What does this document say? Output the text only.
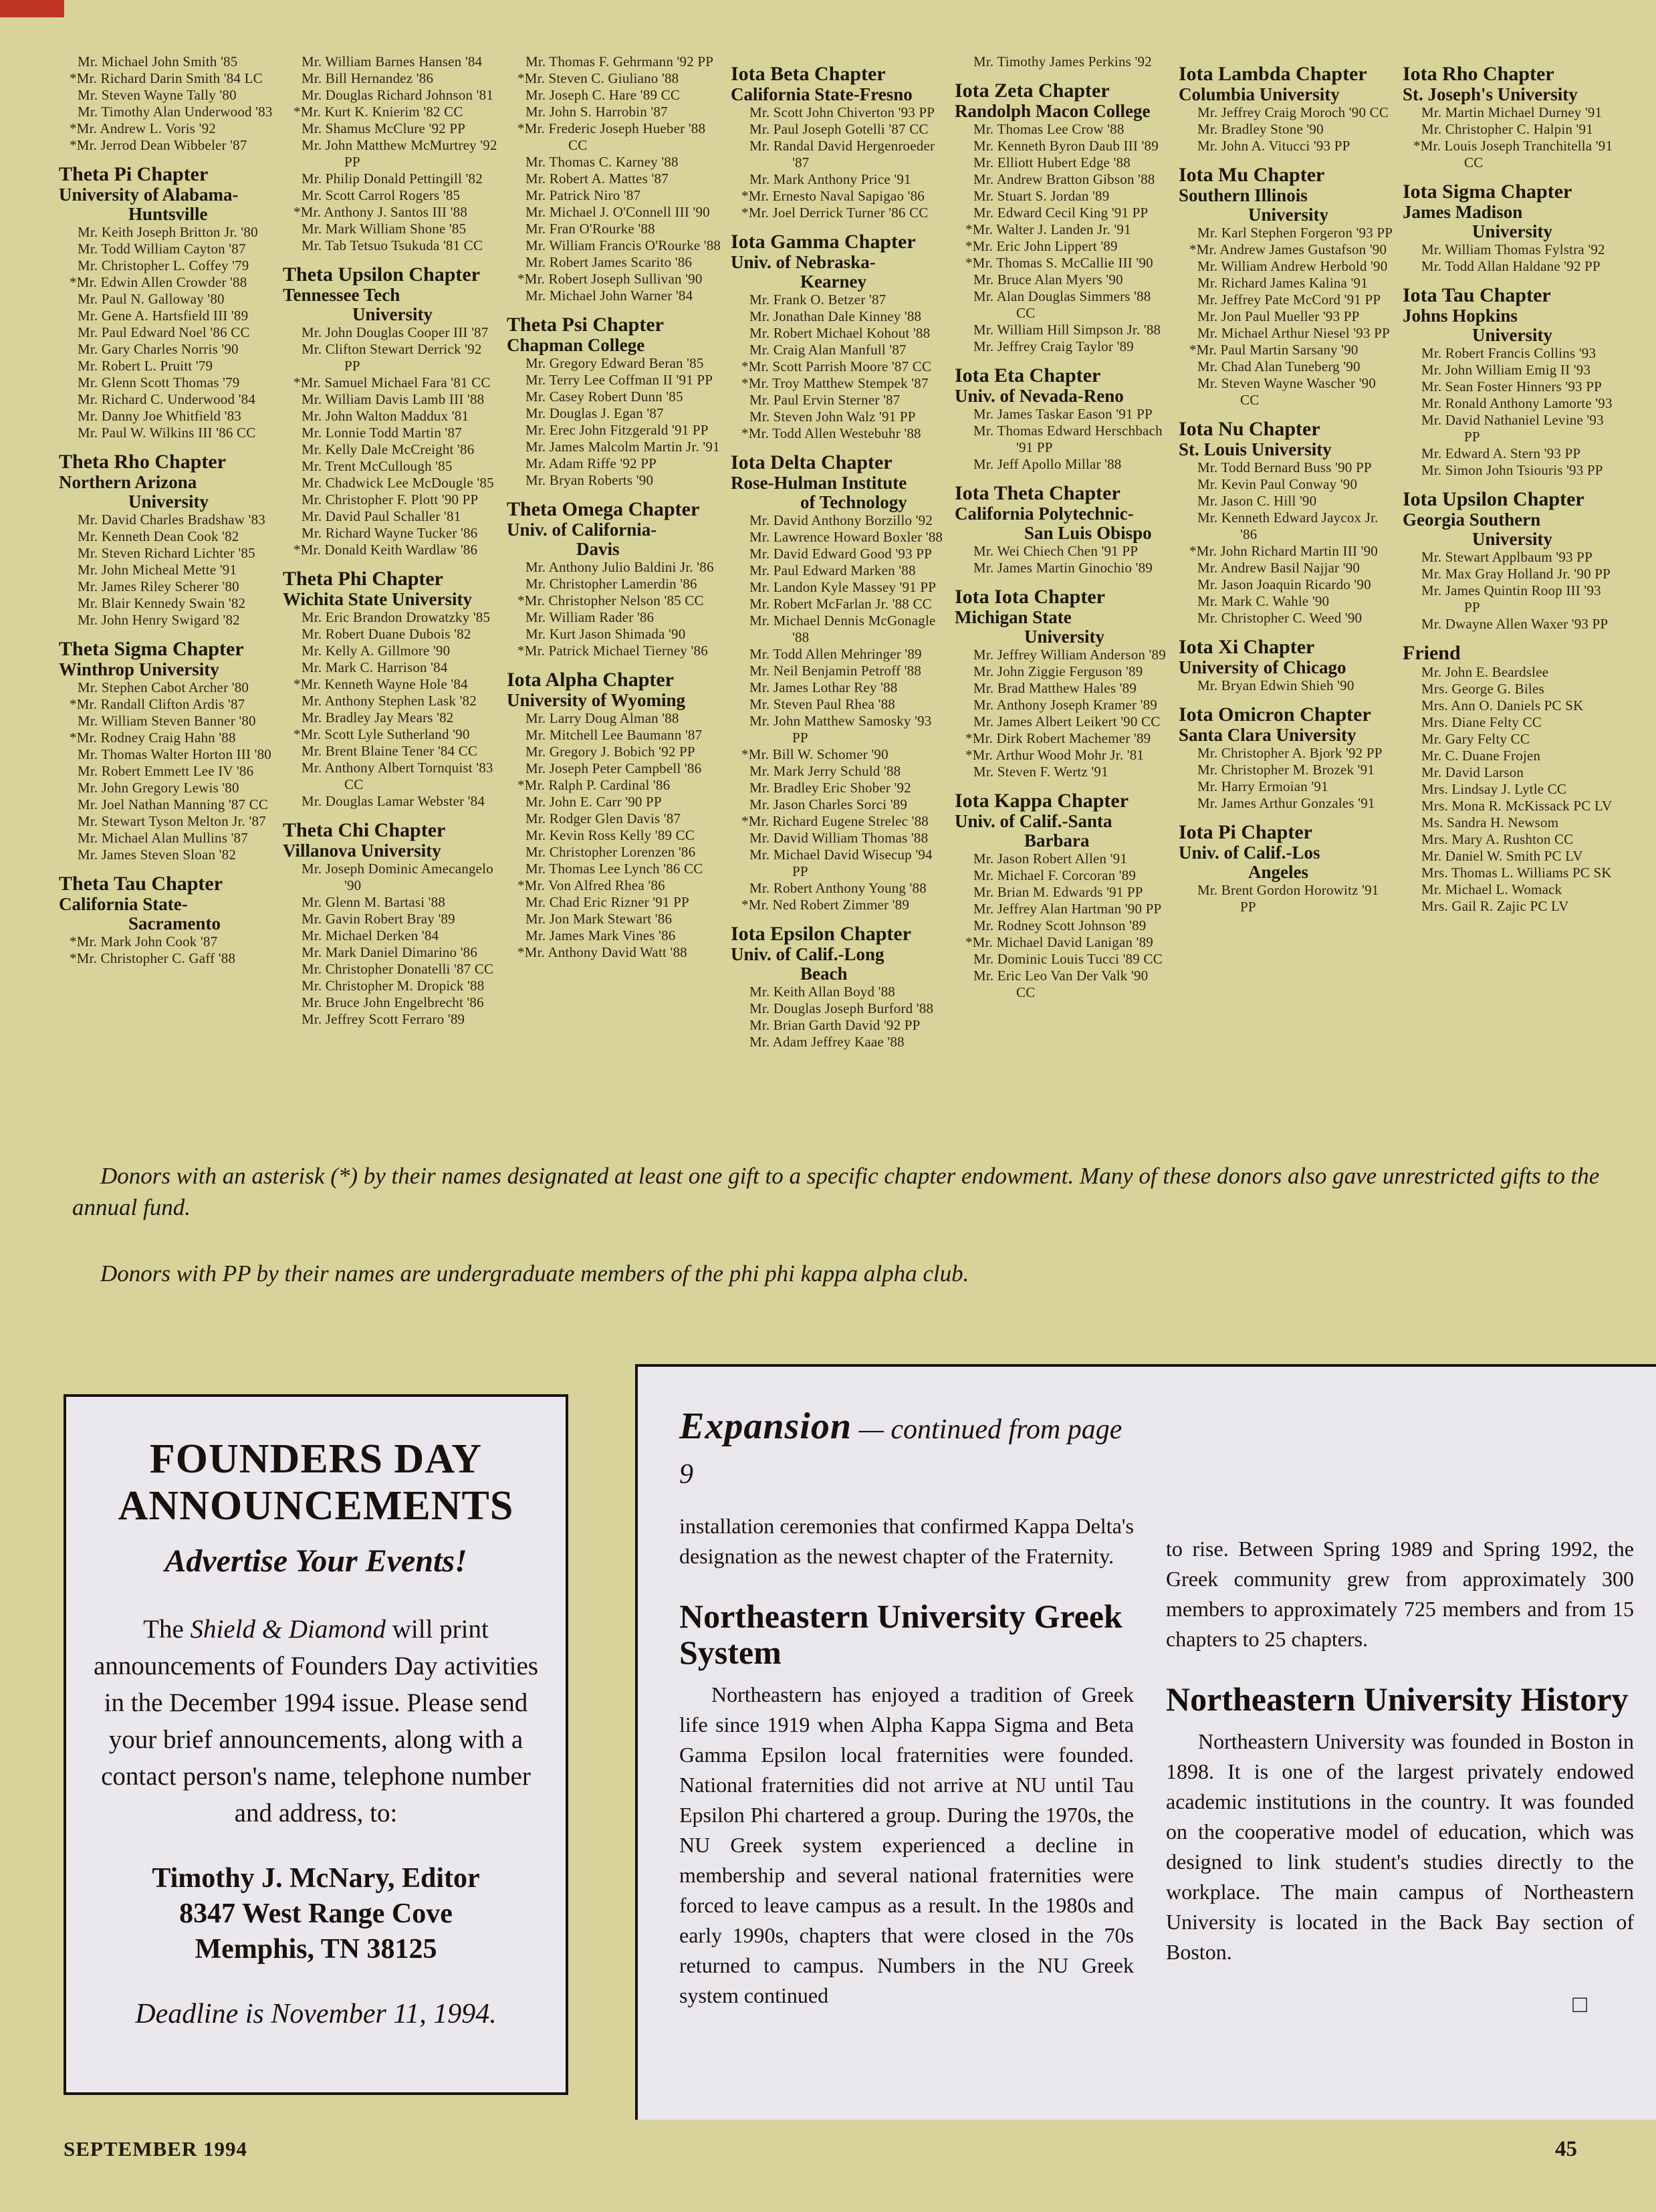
Mr. Michael John Smith '85
*Mr. Richard Darin Smith '84 LC
Mr. Steven Wayne Tally '80
Mr. Timothy Alan Underwood '83
*Mr. Andrew L. Voris '92
*Mr. Jerrod Dean Wibbeler '87
Theta Pi Chapter
University of Alabama-
Huntsville
Mr. Keith Joseph Britton Jr. '80
Mr. Todd William Cayton '87
Mr. Christopher L. Coffey '79
*Mr. Edwin Allen Crowder '88
Mr. Paul N. Galloway '80
Mr. Gene A. Hartsfield III '89
Mr. Paul Edward Noel '86 CC
Mr. Gary Charles Norris '90
Mr. Robert L. Pruitt '79
Mr. Glenn Scott Thomas '79
Mr. Richard C. Underwood '84
Mr. Danny Joe Whitfield '83
Mr. Paul W. Wilkins III '86 CC
Theta Rho Chapter
Northern Arizona
University
Mr. David Charles Bradshaw '83
Mr. Kenneth Dean Cook '82
Mr. Steven Richard Lichter '85
Mr. John Micheal Mette '91
Mr. James Riley Scherer '80
Mr. Blair Kennedy Swain '82
Mr. John Henry Swigard '82
Theta Sigma Chapter
Winthrop University
Mr. Stephen Cabot Archer '80
*Mr. Randall Clifton Ardis '87
Mr. William Steven Banner '80
*Mr. Rodney Craig Hahn '88
Mr. Thomas Walter Horton III '80
Mr. Robert Emmett Lee IV '86
Mr. John Gregory Lewis '80
Mr. Joel Nathan Manning '87 CC
Mr. Stewart Tyson Melton Jr. '87
Mr. Michael Alan Mullins '87
Mr. James Steven Sloan '82
Theta Tau Chapter
California State-
Sacramento
*Mr. Mark John Cook '87
*Mr. Christopher C. Gaff '88
Mr. William Barnes Hansen '84
Mr. Bill Hernandez '86
Mr. Douglas Richard Johnson '81
*Mr. Kurt K. Knierim '82 CC
Mr. Shamus McClure '92 PP
Mr. John Matthew McMurtrey '92 PP
Mr. Philip Donald Pettingill '82
Mr. Scott Carrol Rogers '85
*Mr. Anthony J. Santos III '88
Mr. Mark William Shone '85
Mr. Tab Tetsuo Tsukuda '81 CC
Theta Upsilon Chapter
Tennessee Tech
University
Mr. John Douglas Cooper III '87
Mr. Clifton Stewart Derrick '92 PP
*Mr. Samuel Michael Fara '81 CC
Mr. William Davis Lamb III '88
Mr. John Walton Maddux '81
Mr. Lonnie Todd Martin '87
Mr. Kelly Dale McCreight '86
Mr. Trent McCullough '85
Mr. Chadwick Lee McDougle '85
Mr. Christopher F. Plott '90 PP
Mr. David Paul Schaller '81
Mr. Richard Wayne Tucker '86
*Mr. Donald Keith Wardlaw '86
Theta Phi Chapter
Wichita State University
Mr. Eric Brandon Drowatzky '85
Mr. Robert Duane Dubois '82
Mr. Kelly A. Gillmore '90
Mr. Mark C. Harrison '84
*Mr. Kenneth Wayne Hole '84
Mr. Anthony Stephen Lask '82
Mr. Bradley Jay Mears '82
*Mr. Scott Lyle Sutherland '90
Mr. Brent Blaine Tener '84 CC
Mr. Anthony Albert Tornquist '83 CC
Mr. Douglas Lamar Webster '84
Theta Chi Chapter
Villanova University
Mr. Joseph Dominic Amecangelo '90
Mr. Glenn M. Bartasi '88
Mr. Gavin Robert Bray '89
Mr. Michael Derken '84
Mr. Mark Daniel Dimarino '86
Mr. Christopher Donatelli '87 CC
Mr. Christopher M. Dropick '88
Mr. Bruce John Engelbrecht '86
Mr. Jeffrey Scott Ferraro '89
Mr. Thomas F. Gehrmann '92 PP
*Mr. Steven C. Giuliano '88
Mr. Joseph C. Hare '89 CC
Mr. John S. Harrobin '87
*Mr. Frederic Joseph Hueber '88 CC
Mr. Thomas C. Karney '88
Mr. Robert A. Mattes '87
Mr. Patrick Niro '87
Mr. Michael J. O'Connell III '90
Mr. Fran O'Rourke '88
Mr. William Francis O'Rourke '88
Mr. Robert James Scarito '86
*Mr. Robert Joseph Sullivan '90
Mr. Michael John Warner '84
Theta Psi Chapter
Chapman College
Mr. Gregory Edward Beran '85
Mr. Terry Lee Coffman II '91 PP
Mr. Casey Robert Dunn '85
Mr. Douglas J. Egan '87
Mr. Erec John Fitzgerald '91 PP
Mr. James Malcolm Martin Jr. '91
Mr. Adam Riffe '92 PP
Mr. Bryan Roberts '90
Theta Omega Chapter
Univ. of California-
Davis
Mr. Anthony Julio Baldini Jr. '86
Mr. Christopher Lamerdin '86
*Mr. Christopher Nelson '85 CC
Mr. William Rader '86
Mr. Kurt Jason Shimada '90
*Mr. Patrick Michael Tierney '86
Iota Alpha Chapter
University of Wyoming
Mr. Larry Doug Alman '88
Mr. Mitchell Lee Baumann '87
Mr. Gregory J. Bobich '92 PP
Mr. Joseph Peter Campbell '86
*Mr. Ralph P. Cardinal '86
Mr. John E. Carr '90 PP
Mr. Rodger Glen Davis '87
Mr. Kevin Ross Kelly '89 CC
Mr. Christopher Lorenzen '86
Mr. Thomas Lee Lynch '86 CC
*Mr. Von Alfred Rhea '86
Mr. Chad Eric Rizner '91 PP
Mr. Jon Mark Stewart '86
Mr. James Mark Vines '86
*Mr. Anthony David Watt '88
Iota Beta Chapter
California State-Fresno
Mr. Scott John Chiverton '93 PP
Mr. Paul Joseph Gotelli '87 CC
Mr. Randal David Hergenroeder '87
Mr. Mark Anthony Price '91
*Mr. Ernesto Naval Sapigao '86
*Mr. Joel Derrick Turner '86 CC
Iota Gamma Chapter
Univ. of Nebraska-
Kearney
Mr. Frank O. Betzer '87
Mr. Jonathan Dale Kinney '88
Mr. Robert Michael Kohout '88
Mr. Craig Alan Manfull '87
*Mr. Scott Parrish Moore '87 CC
*Mr. Troy Matthew Stempek '87
Mr. Paul Ervin Sterner '87
Mr. Steven John Walz '91 PP
*Mr. Todd Allen Westebuhr '88
Iota Delta Chapter
Rose-Hulman Institute
of Technology
Mr. David Anthony Borzillo '92
Mr. Lawrence Howard Boxler '88
Mr. David Edward Good '93 PP
Mr. Paul Edward Marken '88
Mr. Landon Kyle Massey '91 PP
Mr. Robert McFarlan Jr. '88 CC
Mr. Michael Dennis McGonagle '88
Mr. Todd Allen Mehringer '89
Mr. Neil Benjamin Petroff '88
Mr. James Lothar Rey '88
Mr. Steven Paul Rhea '88
Mr. John Matthew Samosky '93 PP
*Mr. Bill W. Schomer '90
Mr. Mark Jerry Schuld '88
Mr. Bradley Eric Shober '92
Mr. Jason Charles Sorci '89
*Mr. Richard Eugene Strelec '88
Mr. David William Thomas '88
Mr. Michael David Wisecup '94 PP
Mr. Robert Anthony Young '88
*Mr. Ned Robert Zimmer '89
Iota Epsilon Chapter
Univ. of Calif.-Long
Beach
Mr. Keith Allan Boyd '88
Mr. Douglas Joseph Burford '88
Mr. Brian Garth David '92 PP
Mr. Adam Jeffrey Kaae '88
Mr. Timothy James Perkins '92
Iota Zeta Chapter
Randolph Macon College
Mr. Thomas Lee Crow '88
Mr. Kenneth Byron Daub III '89
Mr. Elliott Hubert Edge '88
Mr. Andrew Bratton Gibson '88
Mr. Stuart S. Jordan '89
Mr. Edward Cecil King '91 PP
*Mr. Walter J. Landen Jr. '91
*Mr. Eric John Lippert '89
*Mr. Thomas S. McCallie III '90
Mr. Bruce Alan Myers '90
Mr. Alan Douglas Simmers '88 CC
Mr. William Hill Simpson Jr. '88
Mr. Jeffrey Craig Taylor '89
Iota Eta Chapter
Univ. of Nevada-Reno
Mr. James Taskar Eason '91 PP
Mr. Thomas Edward Herschbach '91 PP
Mr. Jeff Apollo Millar '88
Iota Theta Chapter
California Polytechnic-
San Luis Obispo
Mr. Wei Chiech Chen '91 PP
Mr. James Martin Ginochio '89
Iota Iota Chapter
Michigan State
University
Mr. Jeffrey William Anderson '89
Mr. John Ziggie Ferguson '89
Mr. Brad Matthew Hales '89
Mr. Anthony Joseph Kramer '89
Mr. James Albert Leikert '90 CC
*Mr. Dirk Robert Machemer '89
*Mr. Arthur Wood Mohr Jr. '81
Mr. Steven F. Wertz '91
Iota Kappa Chapter
Univ. of Calif.-Santa
Barbara
Mr. Jason Robert Allen '91
Mr. Michael F. Corcoran '89
Mr. Brian M. Edwards '91 PP
Mr. Jeffrey Alan Hartman '90 PP
Mr. Rodney Scott Johnson '89
*Mr. Michael David Lanigan '89
Mr. Dominic Louis Tucci '89 CC
Mr. Eric Leo Van Der Valk '90 CC
Iota Lambda Chapter
Columbia University
Mr. Jeffrey Craig Moroch '90 CC
Mr. Bradley Stone '90
Mr. John A. Vitucci '93 PP
Iota Mu Chapter
Southern Illinois
University
Mr. Karl Stephen Forgeron '93 PP
*Mr. Andrew James Gustafson '90
Mr. William Andrew Herbold '90
Mr. Richard James Kalina '91
Mr. Jeffrey Pate McCord '91 PP
Mr. Jon Paul Mueller '93 PP
Mr. Michael Arthur Niesel '93 PP
*Mr. Paul Martin Sarsany '90
Mr. Chad Alan Tuneberg '90
Mr. Steven Wayne Wascher '90 CC
Iota Nu Chapter
St. Louis University
Mr. Todd Bernard Buss '90 PP
Mr. Kevin Paul Conway '90
Mr. Jason C. Hill '90
Mr. Kenneth Edward Jaycox Jr. '86
*Mr. John Richard Martin III '90
Mr. Andrew Basil Najjar '90
Mr. Jason Joaquin Ricardo '90
Mr. Mark C. Wahle '90
Mr. Christopher C. Weed '90
Iota Xi Chapter
University of Chicago
Mr. Bryan Edwin Shieh '90
Iota Omicron Chapter
Santa Clara University
Mr. Christopher A. Bjork '92 PP
Mr. Christopher M. Brozek '91
Mr. Harry Ermoian '91
Mr. James Arthur Gonzales '91
Iota Pi Chapter
Univ. of Calif.-Los
Angeles
Mr. Brent Gordon Horowitz '91 PP
Iota Rho Chapter
St. Joseph's University
Mr. Martin Michael Durney '91
Mr. Christopher C. Halpin '91
*Mr. Louis Joseph Tranchitella '91 CC
Iota Sigma Chapter
James Madison
University
Mr. William Thomas Fylstra '92
Mr. Todd Allan Haldane '92 PP
Iota Tau Chapter
Johns Hopkins
University
Mr. Robert Francis Collins '93
Mr. John William Emig II '93
Mr. Sean Foster Hinners '93 PP
Mr. Ronald Anthony Lamorte '93
Mr. David Nathaniel Levine '93 PP
Mr. Edward A. Stern '93 PP
Mr. Simon John Tsiouris '93 PP
Iota Upsilon Chapter
Georgia Southern
University
Mr. Stewart Applbaum '93 PP
Mr. Max Gray Holland Jr. '90 PP
Mr. James Quintin Roop III '93 PP
Mr. Dwayne Allen Waxer '93 PP
Friend
Mr. John E. Beardslee
Mrs. George G. Biles
Mrs. Ann O. Daniels PC SK
Mrs. Diane Felty CC
Mr. Gary Felty CC
Mr. C. Duane Frojen
Mr. David Larson
Mrs. Lindsay J. Lytle CC
Mrs. Mona R. McKissack PC LV
Ms. Sandra H. Newsom
Mrs. Mary A. Rushton CC
Mr. Daniel W. Smith PC LV
Mrs. Thomas L. Williams PC SK
Mr. Michael L. Womack
Mrs. Gail R. Zajic PC LV

Donors with an asterisk (*) by their names designated at least one gift to a specific chapter endowment. Many of these donors also gave unrestricted gifts to the annual fund.

Donors with PP by their names are undergraduate members of the phi phi kappa alpha club.

FOUNDERS DAY
ANNOUNCEMENTS
Advertise Your Events!
The Shield & Diamond will print announcements of Founders Day activities in the December 1994 issue. Please send your brief announcements, along with a contact person's name, telephone number and address, to:
Timothy J. McNary, Editor
8347 West Range Cove
Memphis, TN 38125
Deadline is November 11, 1994.
Expansion — continued from page 9

installation ceremonies that confirmed Kappa Delta's designation as the newest chapter of the Fraternity.

Northeastern University Greek System

Northeastern has enjoyed a tradition of Greek life since 1919 when Alpha Kappa Sigma and Beta Gamma Epsilon local fraternities were founded. National fraternities did not arrive at NU until Tau Epsilon Phi chartered a group. During the 1970s, the NU Greek system experienced a decline in membership and several national fraternities were forced to leave campus as a result. In the 1980s and early 1990s, chapters that were closed in the 70s returned to campus. Numbers in the NU Greek system continued

to rise. Between Spring 1989 and Spring 1992, the Greek community grew from approximately 300 members to approximately 725 members and from 15 chapters to 25 chapters.

Northeastern University History

Northeastern University was founded in Boston in 1898. It is one of the largest privately endowed academic institutions in the country. It was founded on the cooperative model of education, which was designed to link student's studies directly to the workplace. The main campus of Northeastern University is located in the Back Bay section of Boston.

□
SEPTEMBER 1994	45
